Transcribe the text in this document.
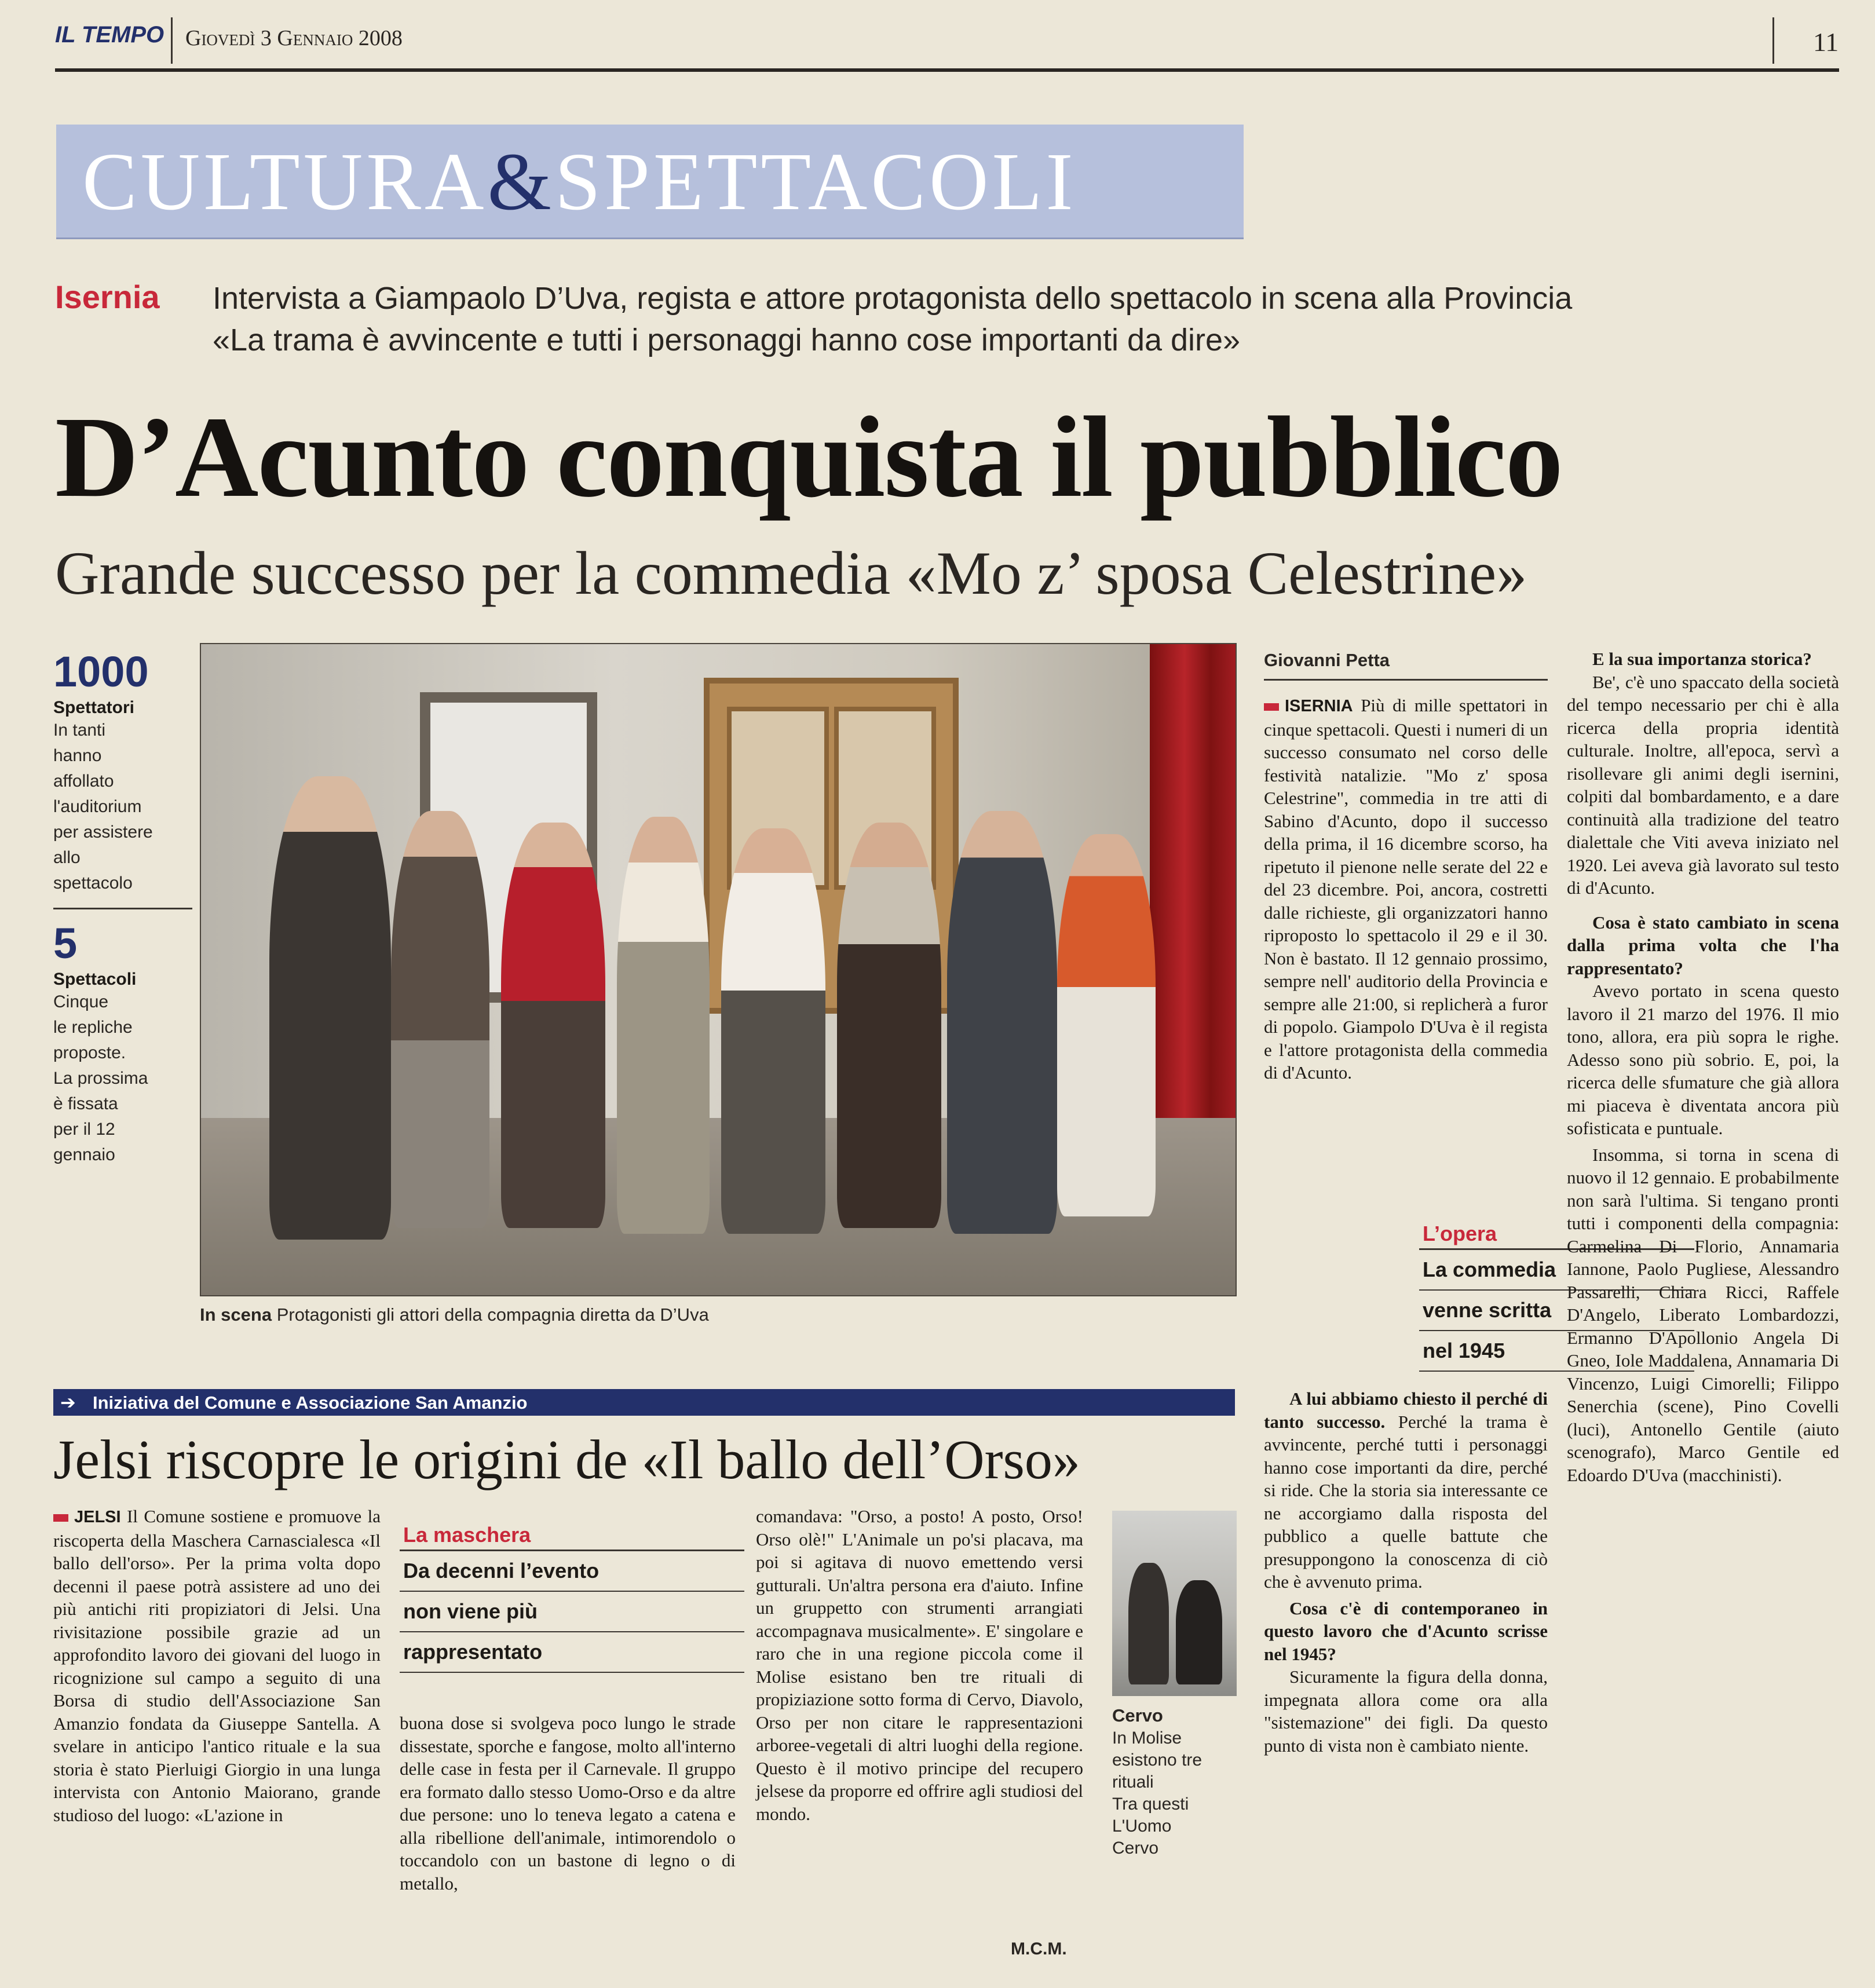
IL TEMPO Giovedì 3 Gennaio 2008	11
CULTURA&SPETTACOLI
Isernia Intervista a Giampaolo D’Uva, regista e attore protagonista dello spettacolo in scena alla Provincia
«La trama è avvincente e tutti i personaggi hanno cose importanti da dire»
D’Acunto conquista il pubblico
Grande successo per la commedia «Mo z’ sposa Celestrine»
1000
Spettatori
In tanti
hanno
affollato
l'auditorium
per assistere
allo
spettacolo
5
Spettacoli
Cinque
le repliche
proposte.
La prossima
è fissata
per il 12
gennaio
In scena Protagonisti gli attori della compagnia diretta da D’Uva
Giovanni Petta

ISERNIA Più di mille spettatori in cinque spettacoli. Questi i numeri di un successo consumato nel corso delle festività natalizie. "Mo z' sposa Celestrine", commedia in tre atti di Sabino d'Acunto, dopo il successo della prima, il 16 dicembre scorso, ha ripetuto il pienone nelle serate del 22 e del 23 dicembre. Poi, ancora, costretti dalle richieste, gli organizzatori hanno riproposto lo spettacolo il 29 e il 30. Non è bastato. Il 12 gennaio prossimo, sempre nell' auditorio della Provincia e sempre alle 21:00, si replicherà a furor di popolo. Giampolo D'Uva è il regista e l'attore protagonista della commedia di d'Acunto.

A lui abbiamo chiesto il perché di tanto successo. Perché la trama è avvincente, perché tutti i personaggi hanno cose importanti da dire, perché si ride. Che la storia sia interessante ce ne accorgiamo dalla risposta del pubblico a quelle battute che presuppongono la conoscenza di ciò che è avvenuto prima.

Cosa c'è di contemporaneo in questo lavoro che d'Acunto scrisse nel 1945?

Sicuramente la figura della donna, impegnata allora come ora alla "sistemazione" dei figli. Da questo punto di vista non è cambiato niente.

L’opera
La commedia
venne scritta
nel 1945

E la sua importanza storica?

Be', c'è uno spaccato della società del tempo necessario per chi è alla ricerca della propria identità culturale. Inoltre, all'epoca, servì a risollevare gli animi degli isernini, colpiti dal bombardamento, e a dare continuità alla tradizione del teatro dialettale che Viti aveva iniziato nel 1920. Lei aveva già lavorato sul testo di d'Acunto.

Cosa è stato cambiato in scena dalla prima volta che l'ha rappresentato?

Avevo portato in scena questo lavoro il 21 marzo del 1976. Il mio tono, allora, era più sopra le righe. Adesso sono più sobrio. E, poi, la ricerca delle sfumature che già allora mi piaceva è diventata ancora più sofisticata e puntuale.

Insomma, si torna in scena di nuovo il 12 gennaio. E probabilmente non sarà l'ultima. Si tengano pronti tutti i componenti della compagnia: Carmelina Di Florio, Annamaria Iannone, Paolo Pugliese, Alessandro Passarelli, Chiara Ricci, Raffele D'Angelo, Liberato Lombardozzi, Ermanno D'Apollonio Angela Di Gneo, Iole Maddalena, Annamaria Di Vincenzo, Luigi Cimorelli; Filippo Senerchia (scene), Pino Covelli (luci), Antonello Gentile (aiuto scenografo), Marco Gentile ed Edoardo D'Uva (macchinisti).

➔ Iniziativa del Comune e Associazione San Amanzio
Jelsi riscopre le origini de «Il ballo dell’Orso»

JELSI Il Comune sostiene e promuove la riscoperta della Maschera Carnascialesca «Il ballo dell'orso». Per la prima volta dopo decenni il paese potrà assistere ad uno dei più antichi riti propiziatori di Jelsi. Una rivisitazione possibile grazie ad un approfondito lavoro dei giovani del luogo in ricognizione sul campo a seguito di una Borsa di studio dell'Associazione San Amanzio fondata da Giuseppe Santella. A svelare in anticipo l'antico rituale e la sua storia è stato Pierluigi Giorgio in una lunga intervista con Antonio Maiorano, grande studioso del luogo: «L'azione in

La maschera
Da decenni l’evento
non viene più
rappresentato

buona dose si svolgeva poco lungo le strade dissestate, sporche e fangose, molto all'interno delle case in festa per il Carnevale. Il gruppo era formato dallo stesso Uomo-Orso e da altre due persone: uno lo teneva legato a catena e alla ribellione dell'animale, intimorendolo o toccandolo con un bastone di legno o di metallo,

comandava: "Orso, a posto! A posto, Orso! Orso olè!" L'Animale un po'si placava, ma poi si agitava di nuovo emettendo versi gutturali. Un'altra persona era d'aiuto. Infine un gruppetto con strumenti arrangiati accompagnava musicalmente». E' singolare e raro che in una regione piccola come il Molise esistano ben tre rituali di propiziazione sotto forma di Cervo, Diavolo, Orso per non citare le rappresentazioni arboree-vegetali di altri luoghi della regione. Questo è il motivo principe del recupero jelsese da proporre ed offrire agli studiosi del mondo.

M.C.M.
Cervo
In Molise
esistono tre
rituali
Tra questi
L'Uomo
Cervo
